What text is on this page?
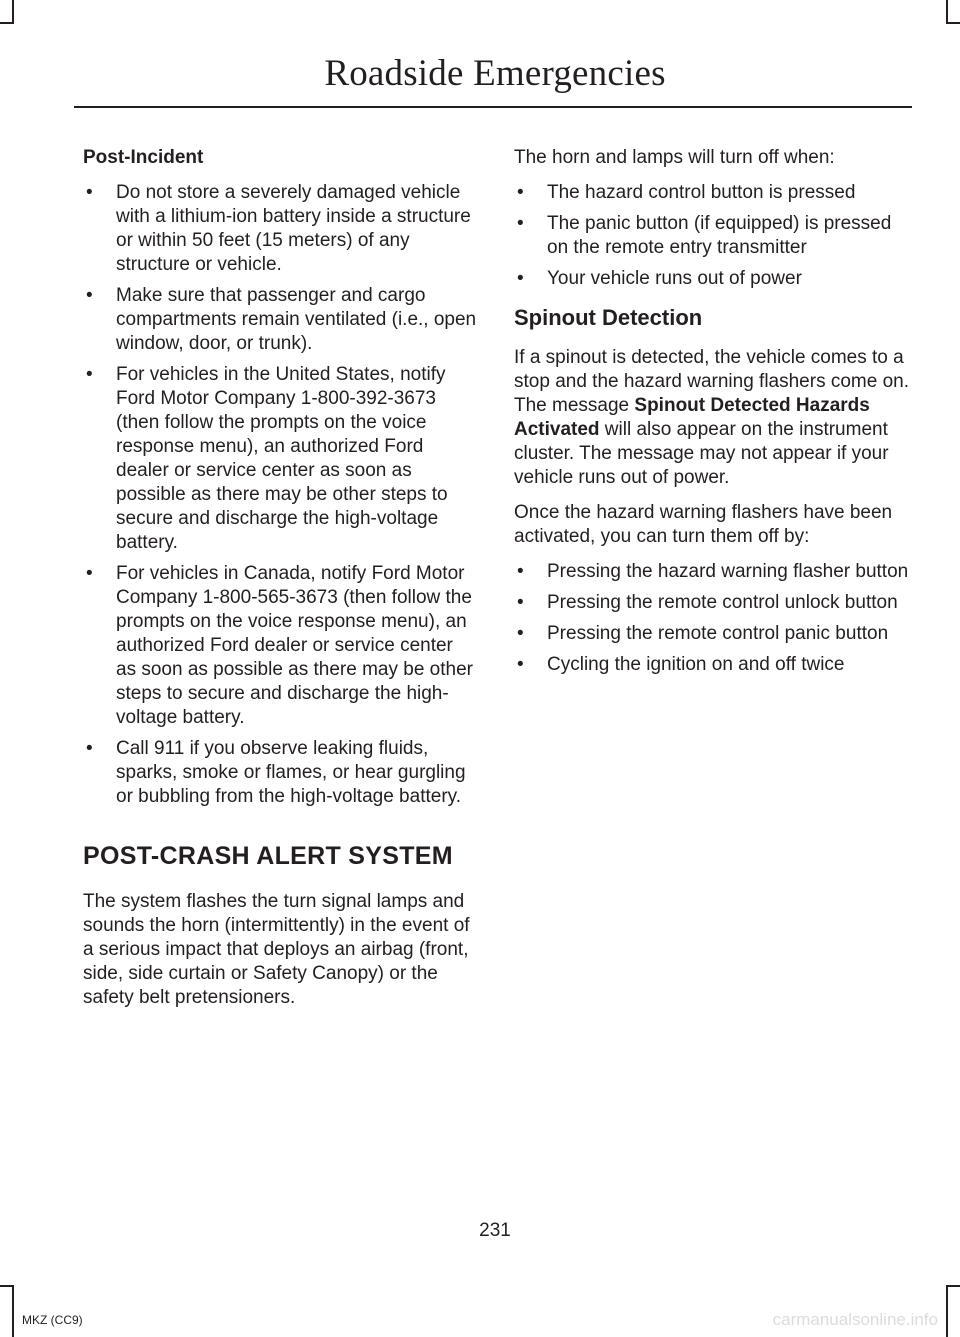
Roadside Emergencies
Post-Incident
• Do not store a severely damaged vehicle with a lithium-ion battery inside a structure or within 50 feet (15 meters) of any structure or vehicle.
• Make sure that passenger and cargo compartments remain ventilated (i.e., open window, door, or trunk).
• For vehicles in the United States, notify Ford Motor Company 1-800-392-3673 (then follow the prompts on the voice response menu), an authorized Ford dealer or service center as soon as possible as there may be other steps to secure and discharge the high-voltage battery.
• For vehicles in Canada, notify Ford Motor Company 1-800-565-3673 (then follow the prompts on the voice response menu), an authorized Ford dealer or service center as soon as possible as there may be other steps to secure and discharge the high-voltage battery.
• Call 911 if you observe leaking fluids, sparks, smoke or flames, or hear gurgling or bubbling from the high-voltage battery.
POST-CRASH ALERT SYSTEM

The system flashes the turn signal lamps and sounds the horn (intermittently) in the event of a serious impact that deploys an airbag (front, side, side curtain or Safety Canopy) or the safety belt pretensioners.

The horn and lamps will turn off when:

• The hazard control button is pressed
• The panic button (if equipped) is pressed on the remote entry transmitter
• Your vehicle runs out of power
Spinout Detection

If a spinout is detected, the vehicle comes to a stop and the hazard warning flashers come on. The message Spinout Detected Hazards Activated will also appear on the instrument cluster. The message may not appear if your vehicle runs out of power.

Once the hazard warning flashers have been activated, you can turn them off by:

• Pressing the hazard warning flasher button
• Pressing the remote control unlock button
• Pressing the remote control panic button
• Cycling the ignition on and off twice
231
MKZ (CC9)	carmanualsonline.info
